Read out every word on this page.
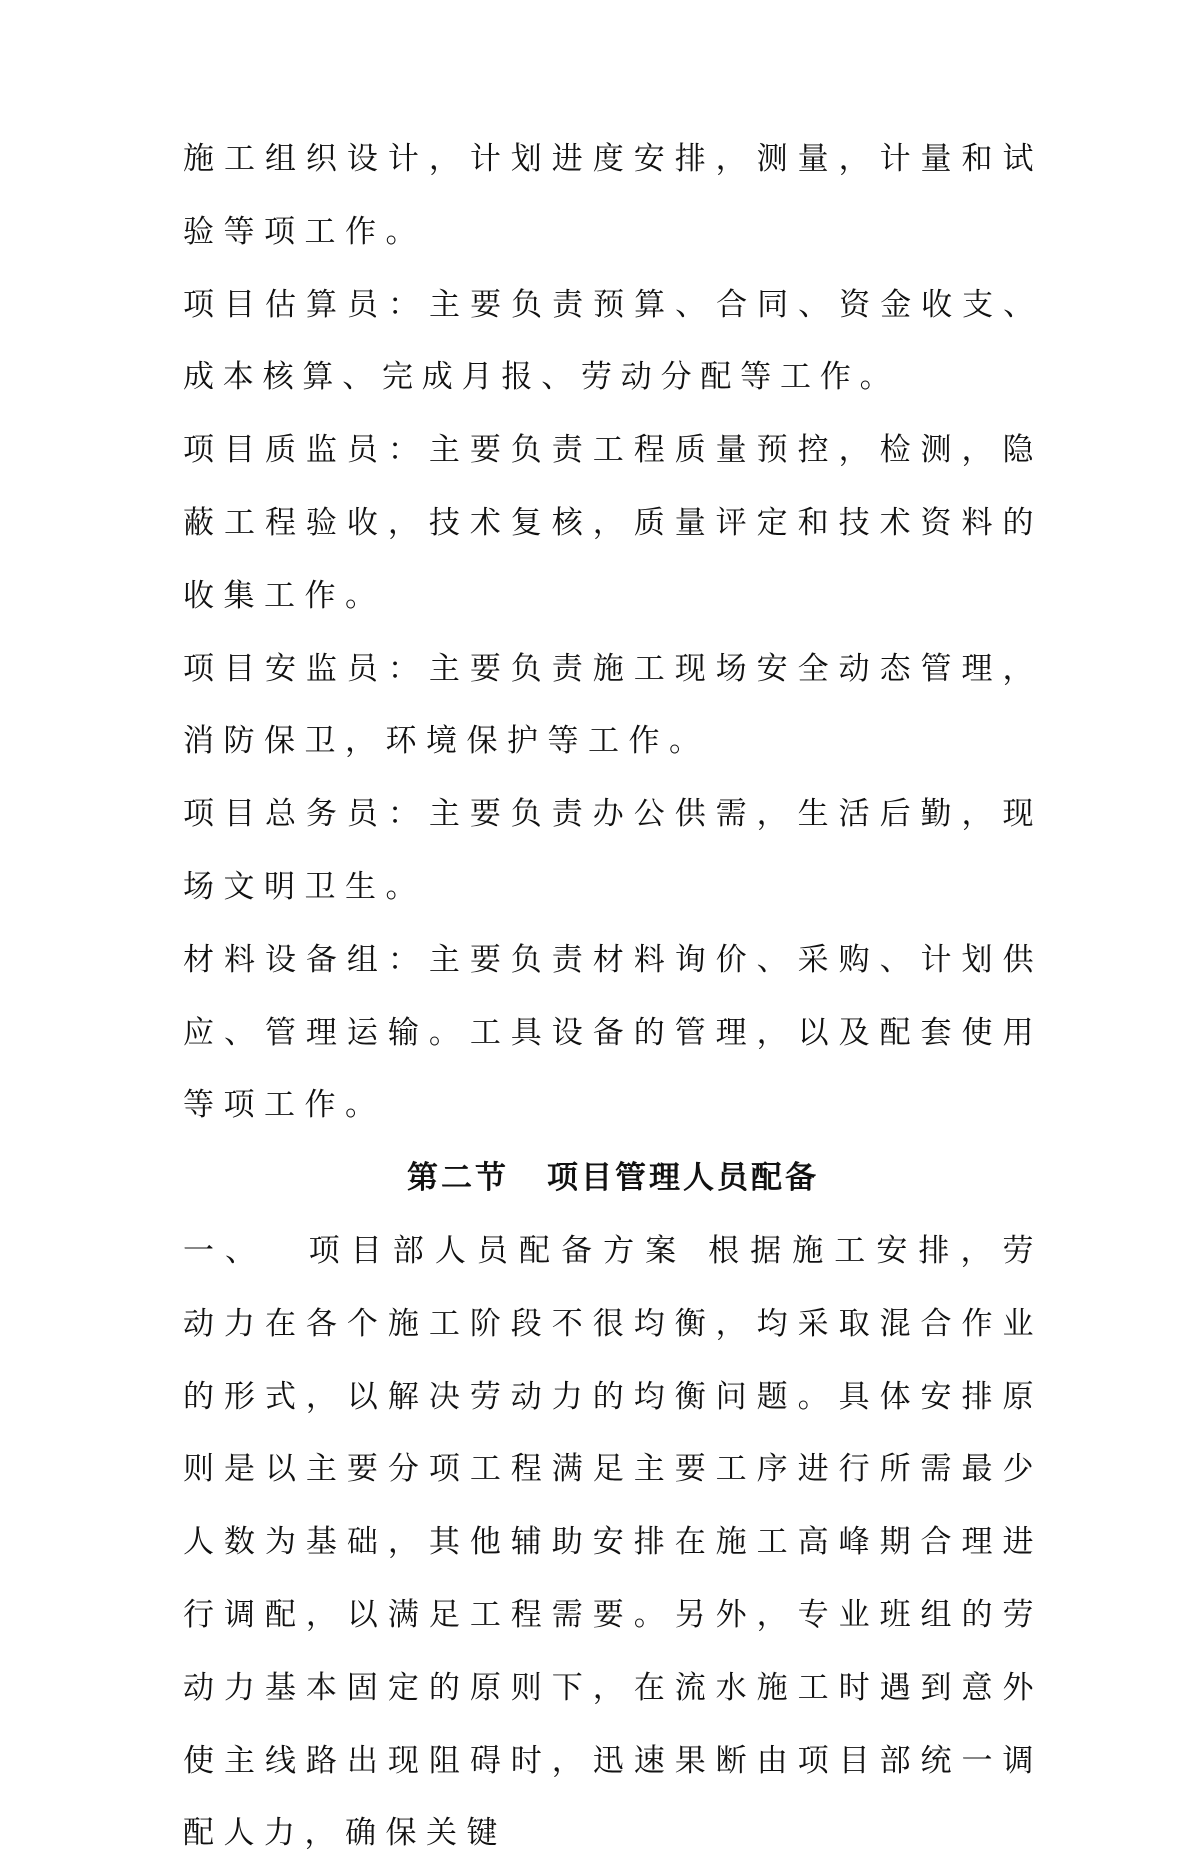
施工组织设计，计划进度安排，测量，计量和试验等项工作。

项目估算员：主要负责预算、合同、资金收支、成本核算、完成月报、劳动分配等工作。

项目质监员：主要负责工程质量预控，检测，隐蔽工程验收，技术复核，质量评定和技术资料的收集工作。

项目安监员：主要负责施工现场安全动态管理，消防保卫，环境保护等工作。

项目总务员：主要负责办公供需，生活后勤，现场文明卫生。

材料设备组：主要负责材料询价、采购、计划供应、管理运输。工具设备的管理，以及配套使用等项工作。

第二节 项目管理人员配备

一、 项目部人员配备方案 根据施工安排，劳动力在各个施工阶段不很均衡，均采取混合作业的形式，以解决劳动力的均衡问题。具体安排原则是以主要分项工程满足主要工序进行所需最少人数为基础，其他辅助安排在施工高峰期合理进行调配，以满足工程需要。另外，专业班组的劳动力基本固定的原则下，在流水施工时遇到意外使主线路出现阻碍时，迅速果断由项目部统一调配人力，确保关键
